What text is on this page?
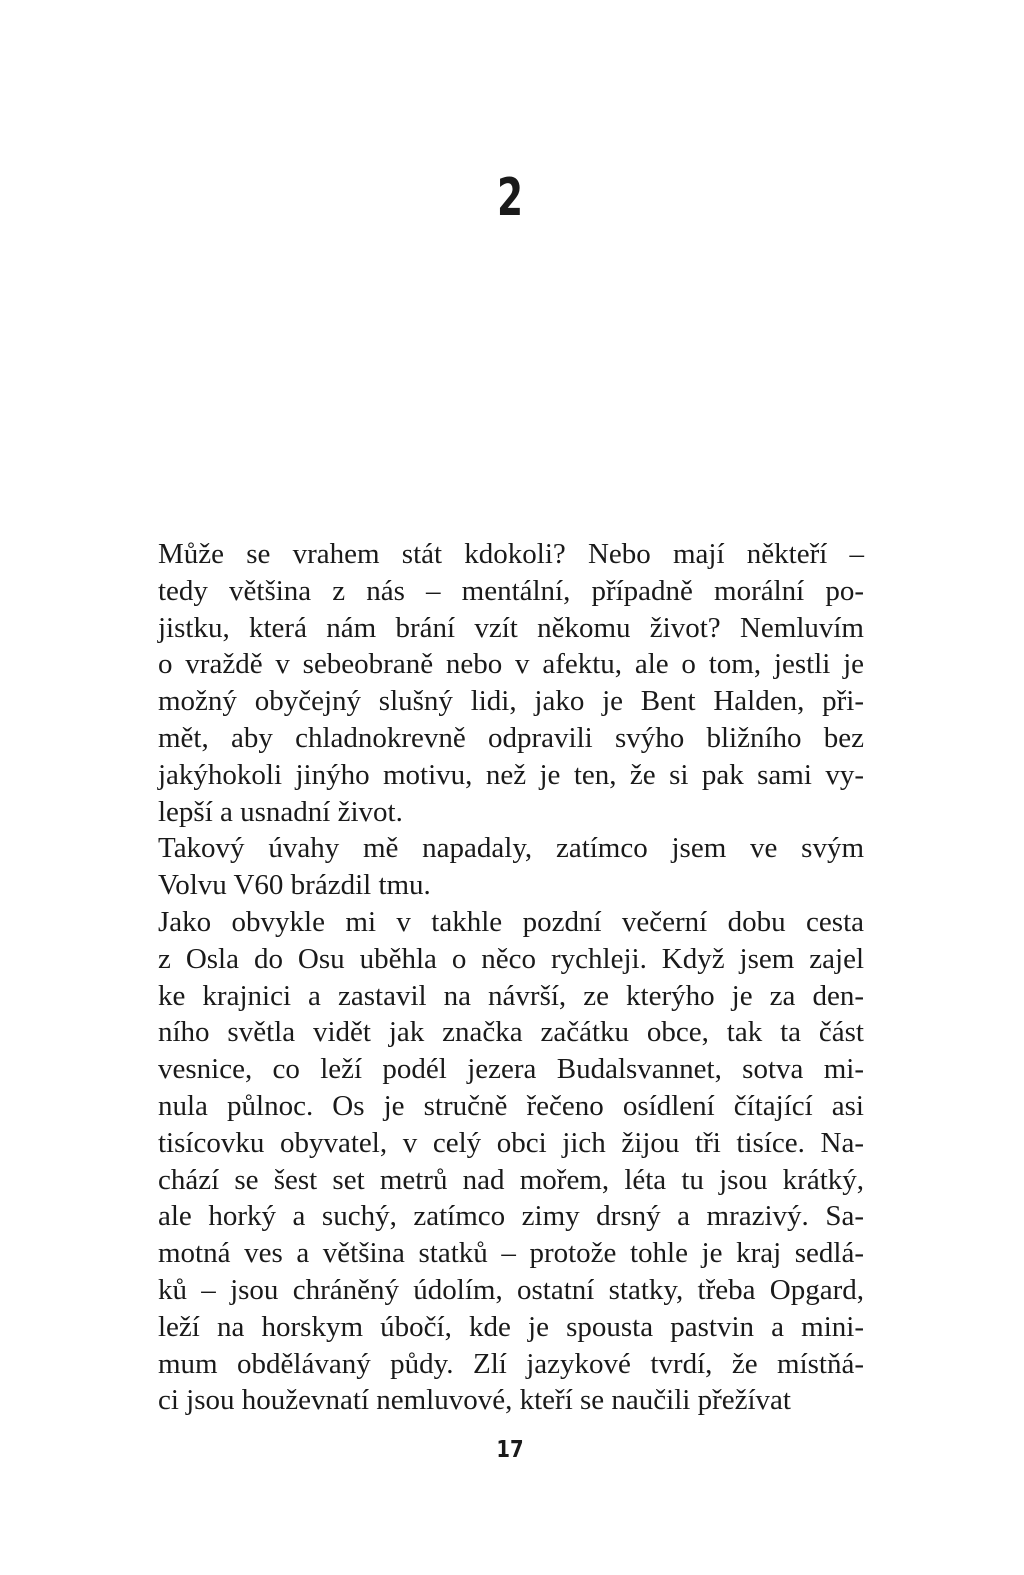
2

Může se vrahem stát kdokoli? Nebo mají někteří –
tedy většina z nás – mentální, případně morální po-
jistku, která nám brání vzít někomu život? Nemluvím
o vraždě v sebeobraně nebo v afektu, ale o tom, jestli je
možný obyčejný slušný lidi, jako je Bent Halden, při-
mět, aby chladnokrevně odpravili svýho bližního bez
jakýhokoli jinýho motivu, než je ten, že si pak sami vy-
lepší a usnadní život.

Takový úvahy mě napadaly, zatímco jsem ve svým
Volvu V60 brázdil tmu.

Jako obvykle mi v takhle pozdní večerní dobu cesta
z Osla do Osu uběhla o něco rychleji. Když jsem zajel
ke krajnici a zastavil na návrší, ze kterýho je za den-
ního světla vidět jak značka začátku obce, tak ta část
vesnice, co leží podél jezera Budalsvannet, sotva mi-
nula půlnoc. Os je stručně řečeno osídlení čítající asi
tisícovku obyvatel, v celý obci jich žijou tři tisíce. Na-
chází se šest set metrů nad mořem, léta tu jsou krátký,
ale horký a suchý, zatímco zimy drsný a mrazivý. Sa-
motná ves a většina statků – protože tohle je kraj sedlá-
ků – jsou chráněný údolím, ostatní statky, třeba Opgard,
leží na horskym úbočí, kde je spousta pastvin a mini-
mum obdělávaný půdy. Zlí jazykové tvrdí, že místňá-
ci jsou houževnatí nemluvové, kteří se naučili přežívat

17
